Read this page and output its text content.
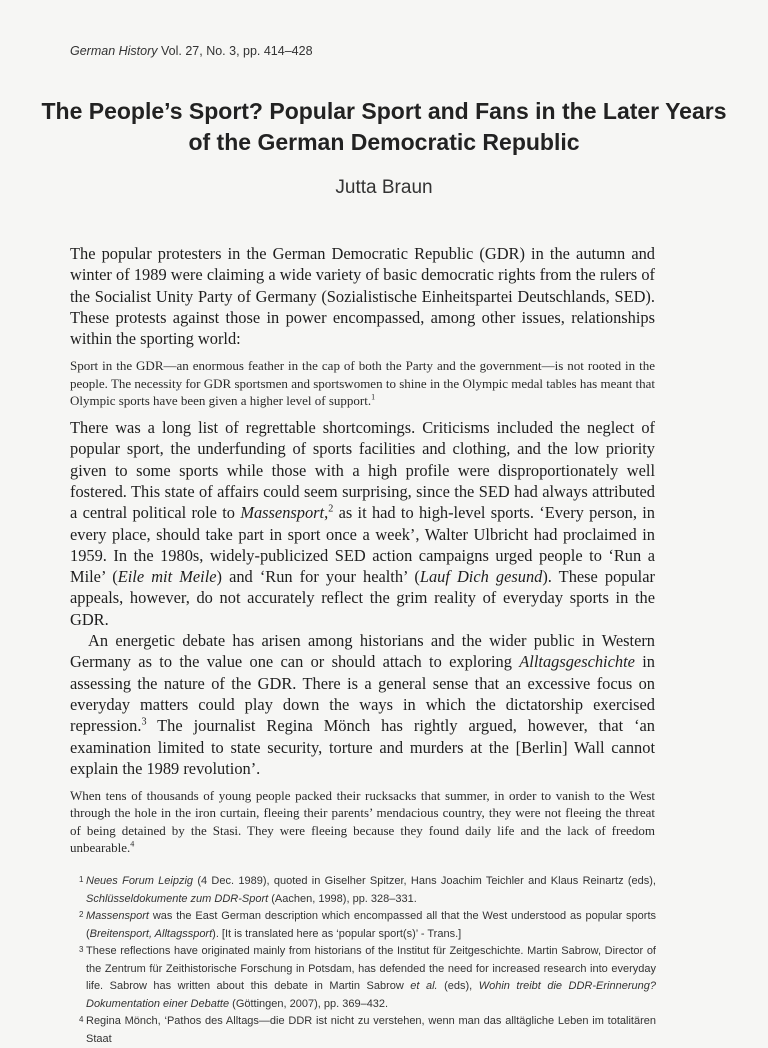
German History Vol. 27, No. 3, pp. 414–428
The People’s Sport? Popular Sport and Fans in the Later Years of the German Democratic Republic
Jutta Braun

The popular protesters in the German Democratic Republic (GDR) in the autumn and winter of 1989 were claiming a wide variety of basic democratic rights from the rulers of the Socialist Unity Party of Germany (Sozialistische Einheitspartei Deutschlands, SED). These protests against those in power encompassed, among other issues, relationships within the sporting world:

Sport in the GDR—an enormous feather in the cap of both the Party and the government—is not rooted in the people. The necessity for GDR sportsmen and sportswomen to shine in the Olympic medal tables has meant that Olympic sports have been given a higher level of support.$^1$

There was a long list of regrettable shortcomings. Criticisms included the neglect of popular sport, the underfunding of sports facilities and clothing, and the low priority given to some sports while those with a high profile were disproportionately well fostered. This state of affairs could seem surprising, since the SED had always attributed a central political role to Massensport,$^2$ as it had to high-level sports. ‘Every person, in every place, should take part in sport once a week’, Walter Ulbricht had proclaimed in 1959. In the 1980s, widely-publicized SED action campaigns urged people to ‘Run a Mile’ (Eile mit Meile) and ‘Run for your health’ (Lauf Dich gesund). These popular appeals, however, do not accurately reflect the grim reality of everyday sports in the GDR.

An energetic debate has arisen among historians and the wider public in Western Germany as to the value one can or should attach to exploring Alltagsgeschichte in assessing the nature of the GDR. There is a general sense that an excessive focus on everyday matters could play down the ways in which the dictatorship exercised repression.$^3$ The journalist Regina Mönch has rightly argued, however, that ‘an examination limited to state security, torture and murders at the [Berlin] Wall cannot explain the 1989 revolution’.

When tens of thousands of young people packed their rucksacks that summer, in order to vanish to the West through the hole in the iron curtain, fleeing their parents’ mendacious country, they were not fleeing the threat of being detained by the Stasi. They were fleeing because they found daily life and the lack of freedom unbearable.$^4$

1 Neues Forum Leipzig (4 Dec. 1989), quoted in Giselher Spitzer, Hans Joachim Teichler and Klaus Reinartz (eds), Schlüsseldokumente zum DDR-Sport (Aachen, 1998), pp. 328–331.
2 Massensport was the East German description which encompassed all that the West understood as popular sports (Breitensport, Alltagssport). [It is translated here as ‘popular sport(s)’ - Trans.]
3 These reflections have originated mainly from historians of the Institut für Zeitgeschichte. Martin Sabrow, Director of the Zentrum für Zeithistorische Forschung in Potsdam, has defended the need for increased research into everyday life. Sabrow has written about this debate in Martin Sabrow et al. (eds), Wohin treibt die DDR-Erinnerung? Dokumentation einer Debatte (Göttingen, 2007), pp. 369–432.
4 Regina Mönch, ‘Pathos des Alltags—die DDR ist nicht zu verstehen, wenn man das alltägliche Leben im totalitären Staat
